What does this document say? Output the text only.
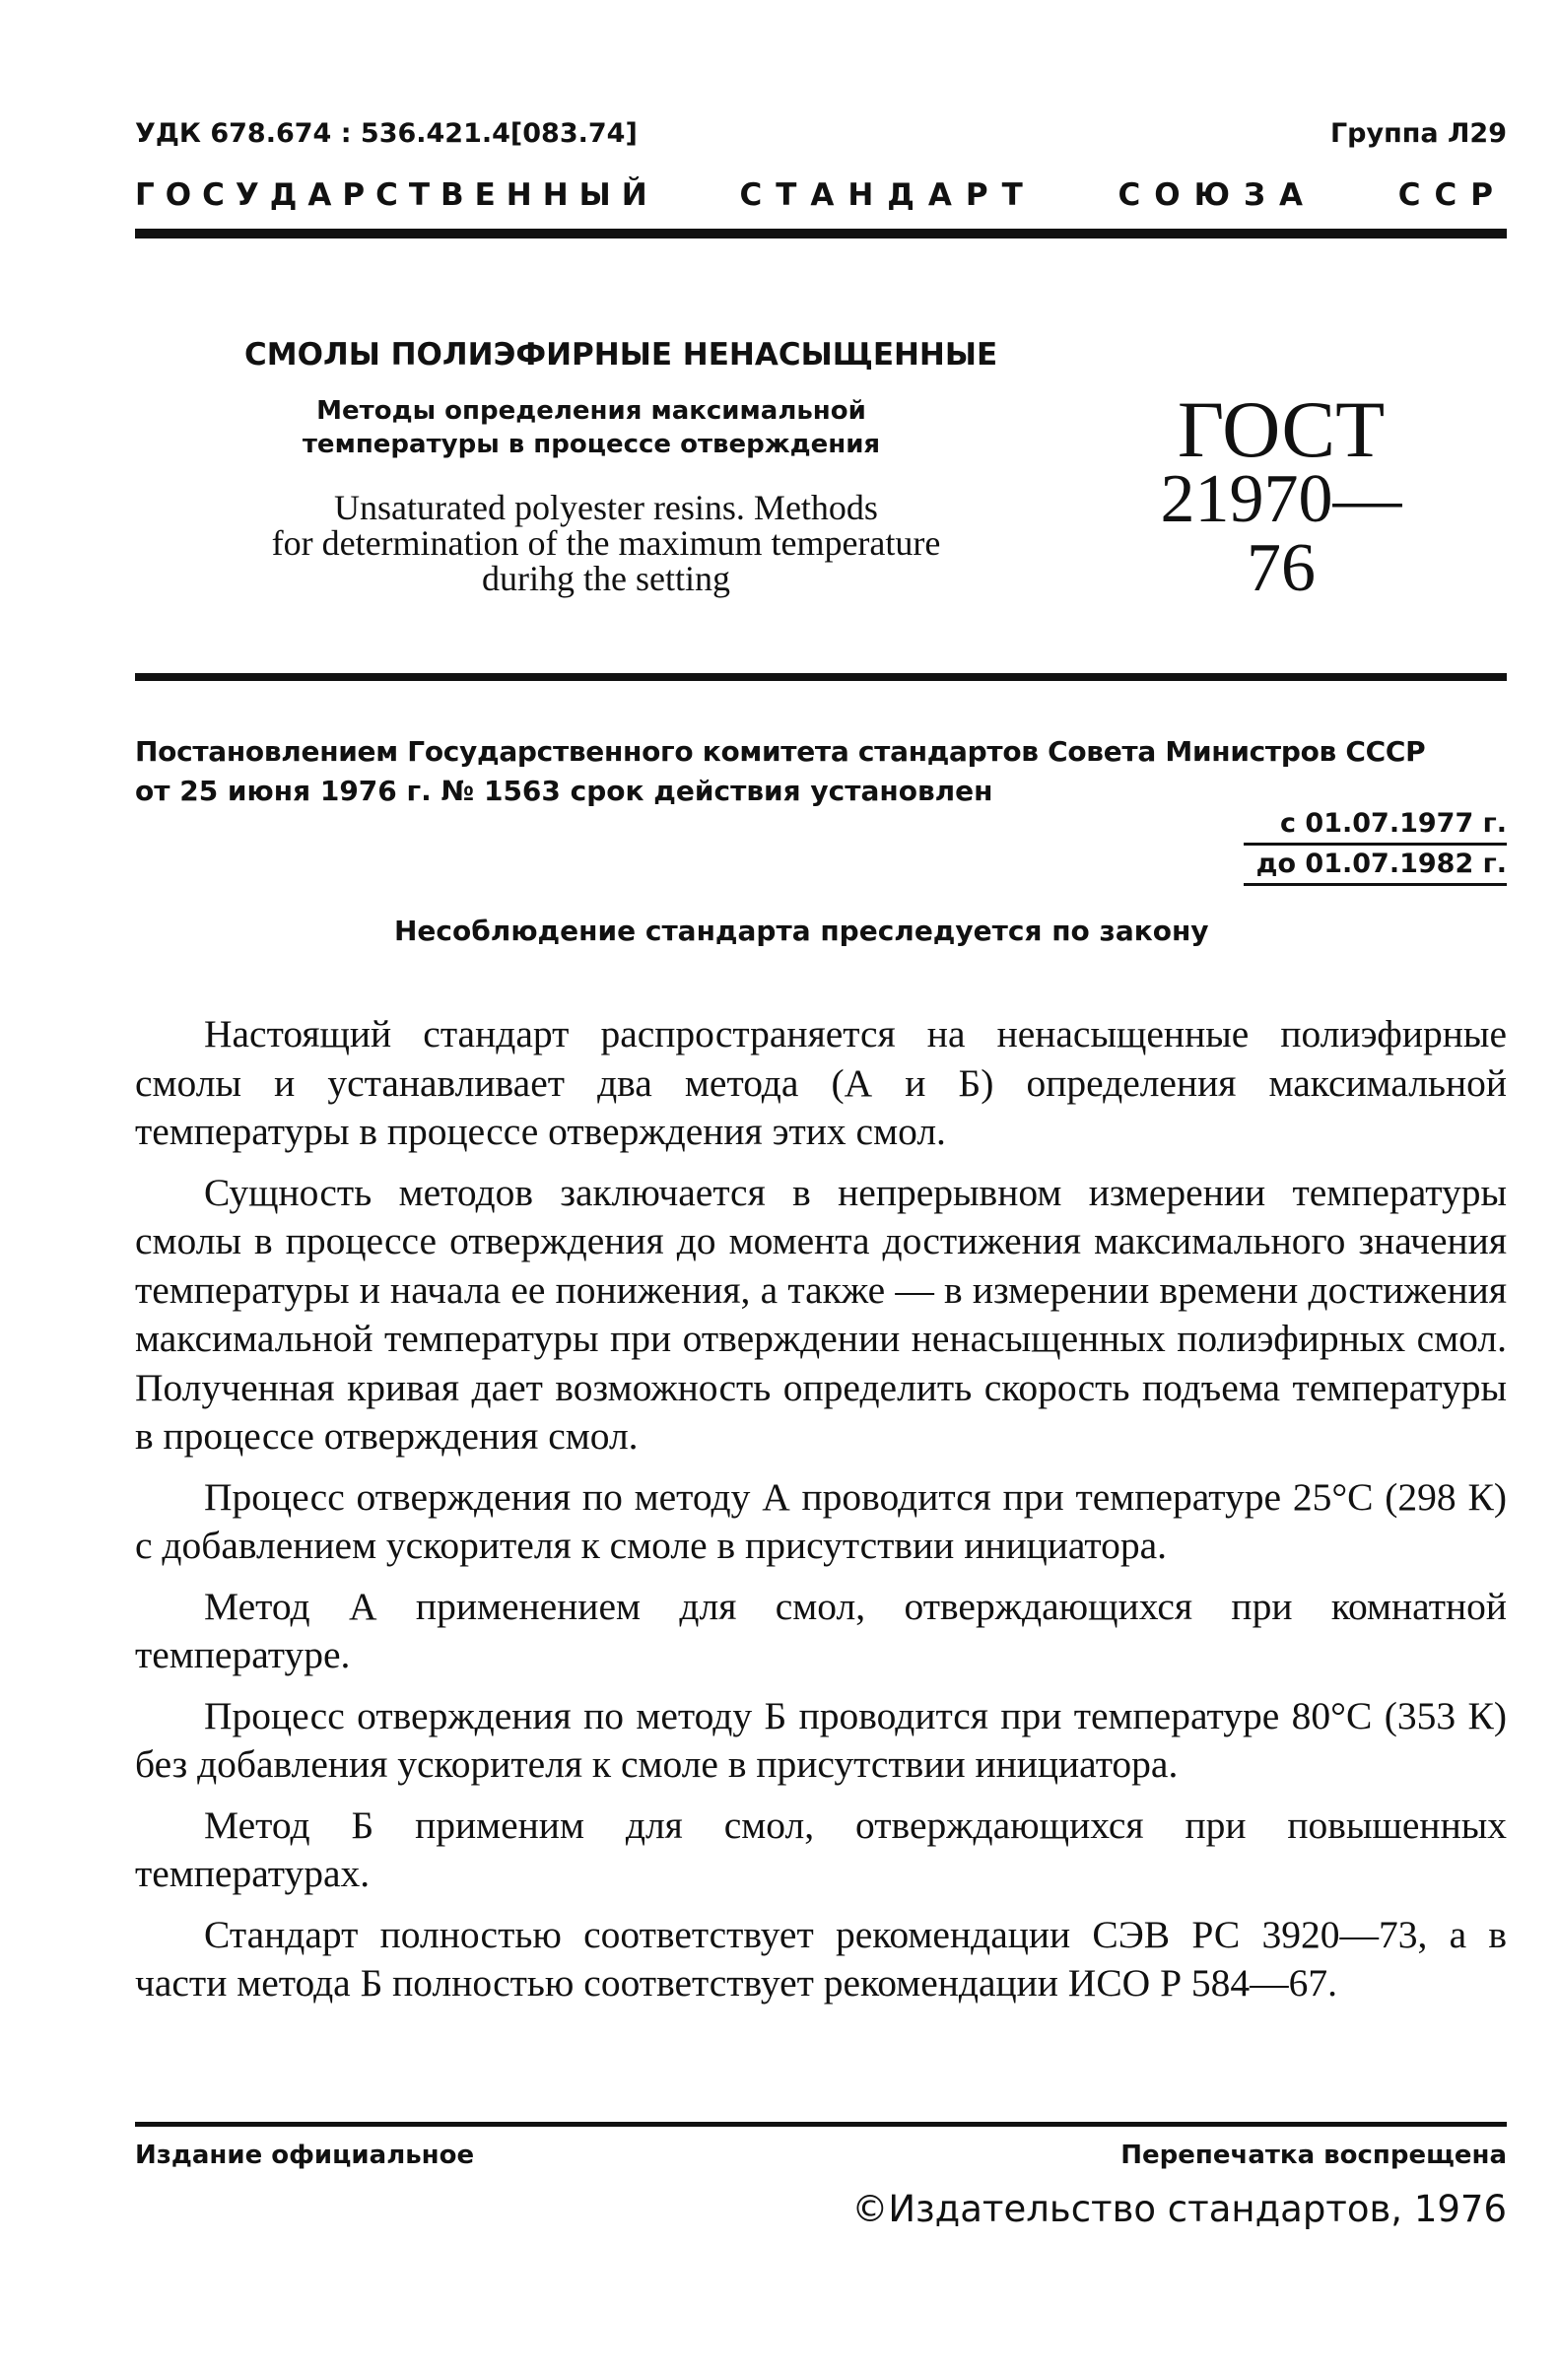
УДК 678.674 : 536.421.4[083.74]	Группа Л29
ГОСУДАРСТВЕННЫЙ	СТАНДАРТ	СОЮЗА	ССР
СМОЛЫ ПОЛИЭФИРНЫЕ НЕНАСЫЩЕННЫЕ
Методы определения максимальной
температуры в процессе отверждения
Unsaturated polyester resins. Methods
for determination of the maximum temperature
durihg the setting
ГОСТ
21970—76
Постановлением Государственного комитета стандартов Совета Министров СССР
от 25 июня 1976 г. № 1563 срок действия установлен
с 01.07.1977 г.
до 01.07.1982 г.
Несоблюдение стандарта преследуется по закону

Настоящий стандарт распространяется на ненасыщенные полиэфирные смолы и устанавливает два метода (А и Б) определения максимальной температуры в процессе отверждения этих смол.

Сущность методов заключается в непрерывном измерении температуры смолы в процессе отверждения до момента достижения максимального значения температуры и начала ее понижения, а также — в измерении времени достижения максимальной температуры при отверждении ненасыщенных полиэфирных смол. Полученная кривая дает возможность определить скорость подъема температуры в процессе отверждения смол.

Процесс отверждения по методу А проводится при температуре 25°С (298 К) с добавлением ускорителя к смоле в присутствии инициатора.

Метод А применением для смол, отверждающихся при комнатной температуре.

Процесс отверждения по методу Б проводится при температуре 80°С (353 К) без добавления ускорителя к смоле в присутствии инициатора.

Метод Б применим для смол, отверждающихся при повышенных температурах.

Стандарт полностью соответствует рекомендации СЭВ РС 3920—73, а в части метода Б полностью соответствует рекомендации ИСО Р 584—67.

Издание официальное	Перепечатка воспрещена
©Издательство стандартов, 1976
